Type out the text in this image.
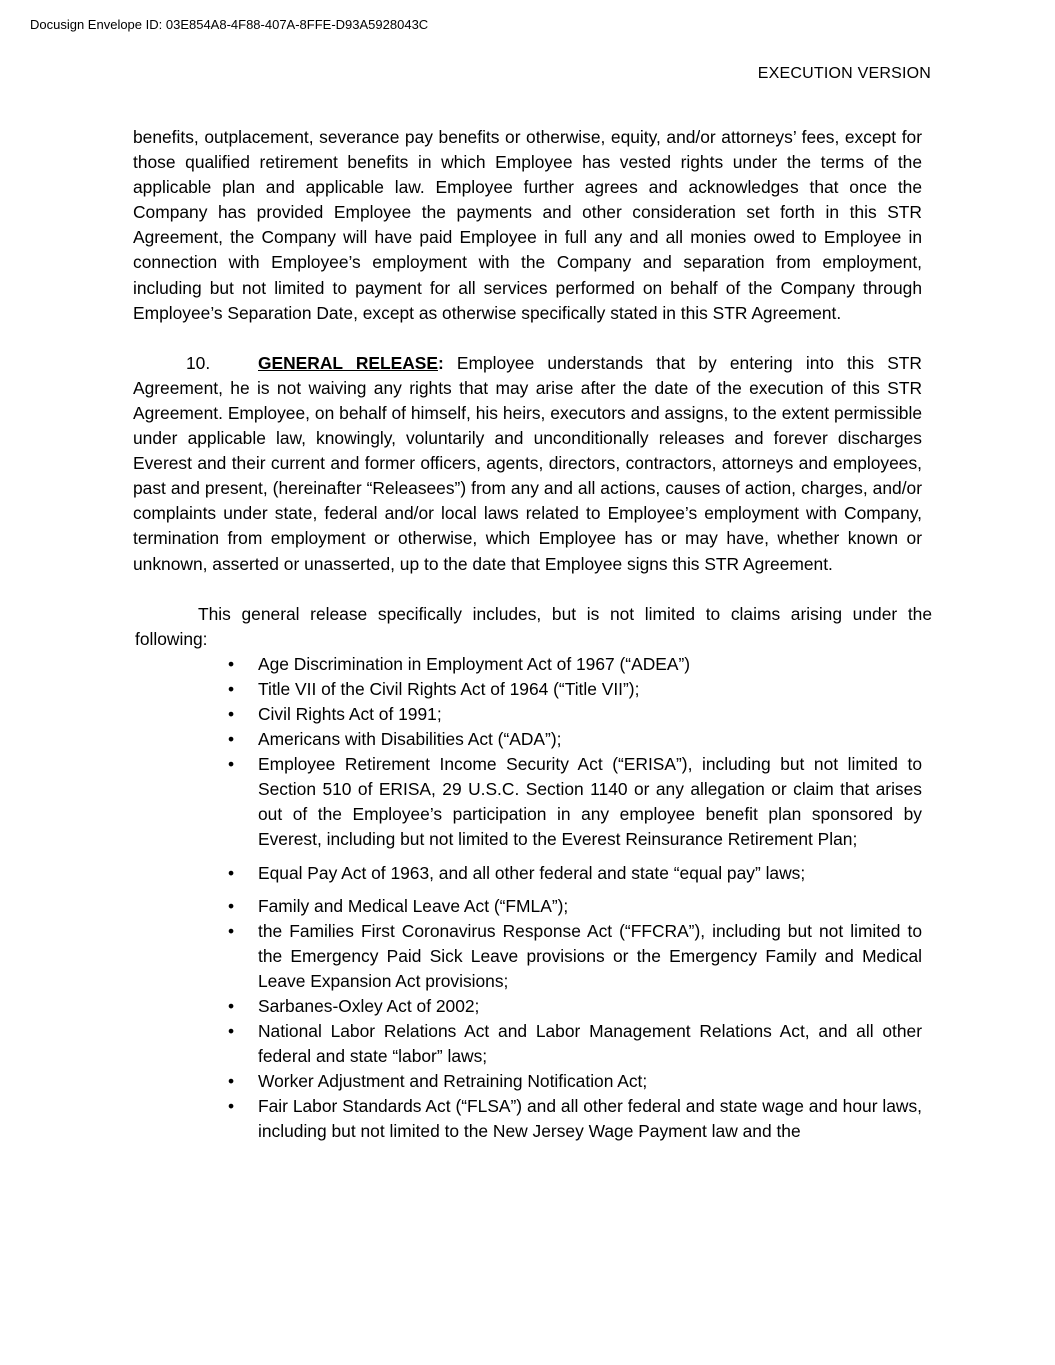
Docusign Envelope ID: 03E854A8-4F88-407A-8FFE-D93A5928043C
EXECUTION VERSION

benefits, outplacement, severance pay benefits or otherwise, equity, and/or attorneys’ fees, except for those qualified retirement benefits in which Employee has vested rights under the terms of the applicable plan and applicable law. Employee further agrees and acknowledges that once the Company has provided Employee the payments and other consideration set forth in this STR Agreement, the Company will have paid Employee in full any and all monies owed to Employee in connection with Employee’s employment with the Company and separation from employment, including but not limited to payment for all services performed on behalf of the Company through Employee’s Separation Date, except as otherwise specifically stated in this STR Agreement.

10.	GENERAL RELEASE: Employee understands that by entering into this STR Agreement, he is not waiving any rights that may arise after the date of the execution of this STR Agreement. Employee, on behalf of himself, his heirs, executors and assigns, to the extent permissible under applicable law, knowingly, voluntarily and unconditionally releases and forever discharges Everest and their current and former officers, agents, directors, contractors, attorneys and employees, past and present, (hereinafter “Releasees”) from any and all actions, causes of action, charges, and/or complaints under state, federal and/or local laws related to Employee’s employment with Company, termination from employment or otherwise, which Employee has or may have, whether known or unknown, asserted or unasserted, up to the date that Employee signs this STR Agreement.

This general release specifically includes, but is not limited to claims arising under the following:

• Age Discrimination in Employment Act of 1967 (“ADEA”)
• Title VII of the Civil Rights Act of 1964 (“Title VII”);
• Civil Rights Act of 1991;
• Americans with Disabilities Act (“ADA”);
• Employee Retirement Income Security Act (“ERISA”), including but not limited to Section 510 of ERISA, 29 U.S.C. Section 1140 or any allegation or claim that arises out of the Employee’s participation in any employee benefit plan sponsored by Everest, including but not limited to the Everest Reinsurance Retirement Plan;
• Equal Pay Act of 1963, and all other federal and state “equal pay” laws;
• Family and Medical Leave Act (“FMLA”);
• the Families First Coronavirus Response Act (“FFCRA”), including but not limited to the Emergency Paid Sick Leave provisions or the Emergency Family and Medical Leave Expansion Act provisions;
• Sarbanes-Oxley Act of 2002;
• National Labor Relations Act and Labor Management Relations Act, and all other federal and state “labor” laws;
• Worker Adjustment and Retraining Notification Act;
• Fair Labor Standards Act (“FLSA”) and all other federal and state wage and hour laws, including but not limited to the New Jersey Wage Payment law and the
